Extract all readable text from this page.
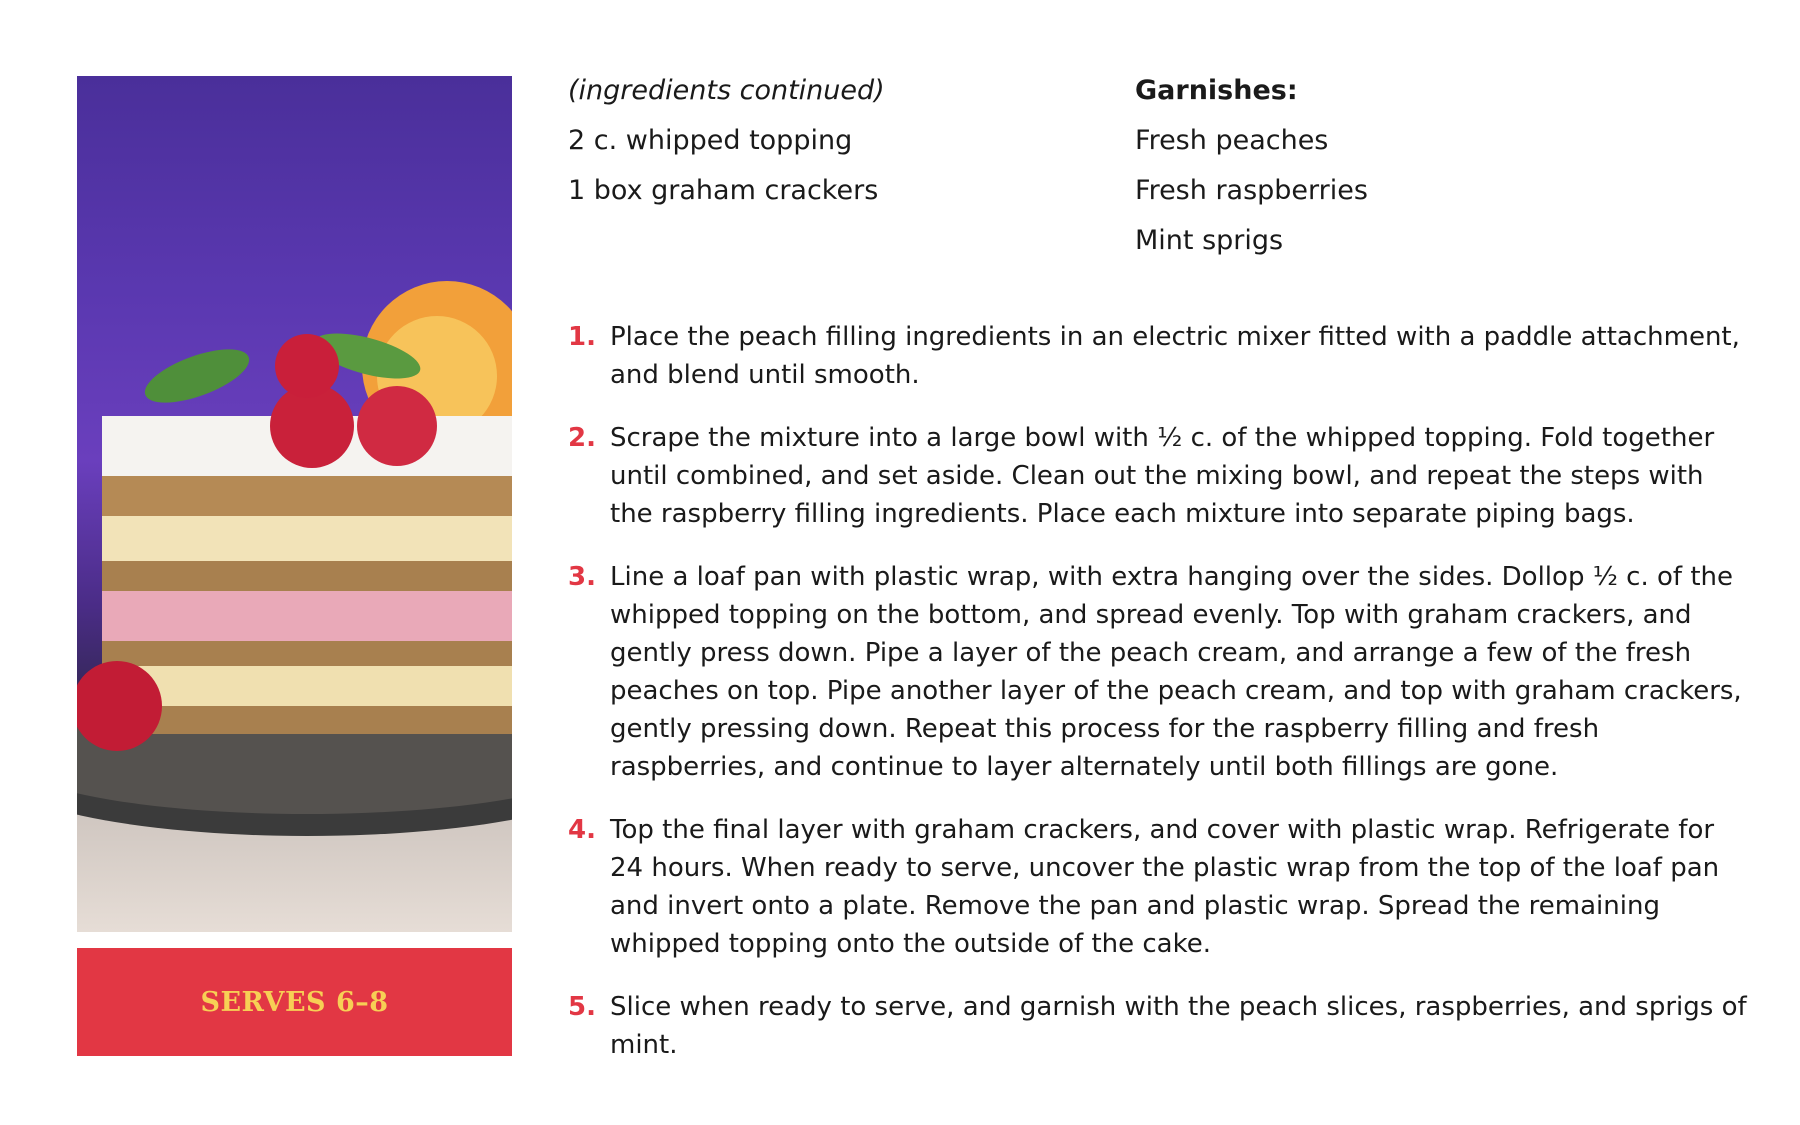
SERVES 6–8
(ingredients continued)
2 c. whipped topping
1 box graham crackers
Garnishes:
Fresh peaches
Fresh raspberries
Mint sprigs
1. Place the peach filling ingredients in an electric mixer fitted with a paddle attachment, and blend until smooth.
2. Scrape the mixture into a large bowl with ½ c. of the whipped topping. Fold together until combined, and set aside. Clean out the mixing bowl, and repeat the steps with the raspberry filling ingredients. Place each mixture into separate piping bags.
3. Line a loaf pan with plastic wrap, with extra hanging over the sides. Dollop ½ c. of the whipped topping on the bottom, and spread evenly. Top with graham crackers, and gently press down. Pipe a layer of the peach cream, and arrange a few of the fresh peaches on top. Pipe another layer of the peach cream, and top with graham crackers, gently pressing down. Repeat this process for the raspberry filling and fresh raspberries, and continue to layer alternately until both fillings are gone.
4. Top the final layer with graham crackers, and cover with plastic wrap. Refrigerate for 24 hours. When ready to serve, uncover the plastic wrap from the top of the loaf pan and invert onto a plate. Remove the pan and plastic wrap. Spread the remaining whipped topping onto the outside of the cake.
5. Slice when ready to serve, and garnish with the peach slices, raspberries, and sprigs of mint.
